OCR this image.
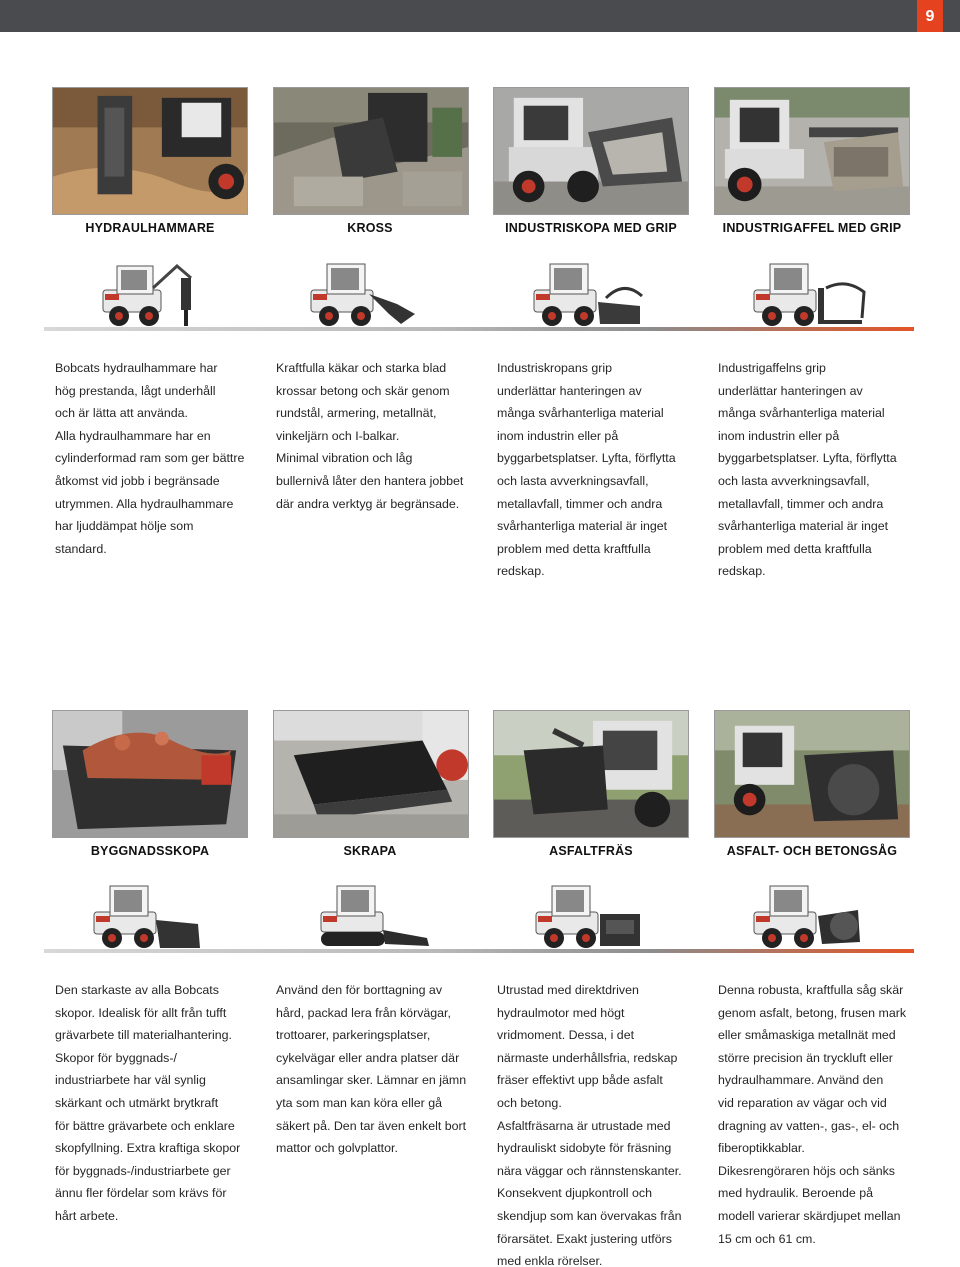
9
HYDRAULHAMMARE	KROSS	INDUSTRISKOPA MED GRIP	INDUSTRIGAFFEL MED GRIP
Bobcats hydraulhammare har
hög prestanda, lågt underhåll
och är lätta att använda.
Alla hydraulhammare har en
cylinderformad ram som ger bättre
åtkomst vid jobb i begränsade
utrymmen. Alla hydraulhammare
har ljuddämpat hölje som
standard.
Kraftfulla käkar och starka blad
krossar betong och skär genom
rundstål, armering, metallnät,
vinkeljärn och I-balkar.
Minimal vibration och låg
bullernivå låter den hantera jobbet
där andra verktyg är begränsade.
Industriskropans grip
underlättar hanteringen av
många svårhanterliga material
inom industrin eller på
byggarbetsplatser. Lyfta, förflytta
och lasta avverkningsavfall,
metallavfall, timmer och andra
svårhanterliga material är inget
problem med detta kraftfulla
redskap.
Industrigaffelns grip
underlättar hanteringen av
många svårhanterliga material
inom industrin eller på
byggarbetsplatser. Lyfta, förflytta
och lasta avverkningsavfall,
metallavfall, timmer och andra
svårhanterliga material är inget
problem med detta kraftfulla
redskap.
BYGGNADSSKOPA	SKRAPA	ASFALTFRÄS	ASFALT- OCH BETONGSÅG
Den starkaste av alla Bobcats
skopor. Idealisk för allt från tufft
grävarbete till materialhantering.
Skopor för byggnads-/
industriarbete har väl synlig
skärkant och utmärkt brytkraft
för bättre grävarbete och enklare
skopfyllning. Extra kraftiga skopor
för byggnads-/industriarbete ger
ännu fler fördelar som krävs för
hårt arbete.
Använd den för borttagning av
hård, packad lera från körvägar,
trottoarer, parkeringsplatser,
cykelvägar eller andra platser där
ansamlingar sker. Lämnar en jämn
yta som man kan köra eller gå
säkert på. Den tar även enkelt bort
mattor och golvplattor.
Utrustad med direktdriven
hydraulmotor med högt
vridmoment. Dessa, i det
närmaste underhållsfria, redskap
fräser effektivt upp både asfalt
och betong.
Asfaltfräsarna är utrustade med
hydrauliskt sidobyte för fräsning
nära väggar och rännstenskanter.
Konsekvent djupkontroll och
skendjup som kan övervakas från
förarsätet. Exakt justering utförs
med enkla rörelser.
Denna robusta, kraftfulla såg skär
genom asfalt, betong, frusen mark
eller småmaskiga metallnät med
större precision än tryckluft eller
hydraulhammare. Använd den
vid reparation av vägar och vid
dragning av vatten-, gas-, el- och
fiberoptikkablar.
Dikesrengöraren höjs och sänks
med hydraulik. Beroende på
modell varierar skärdjupet mellan
15 cm och 61 cm.
